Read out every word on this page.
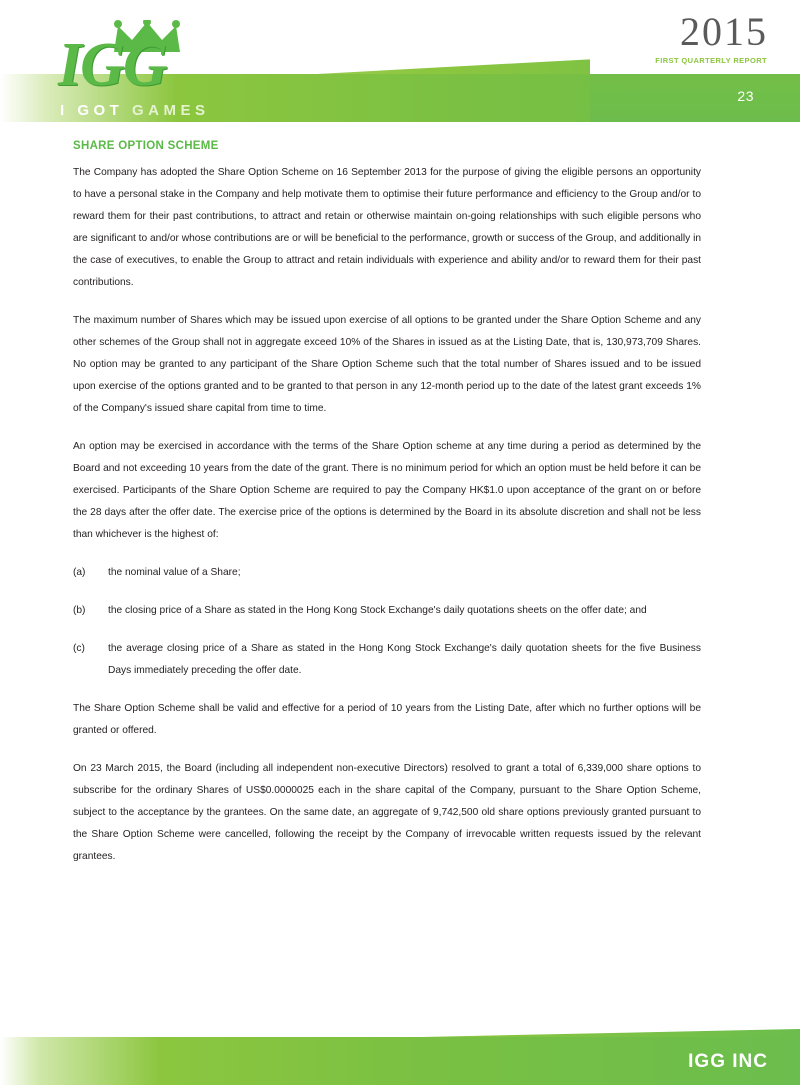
IGG
I GOT GAMES
2015
FIRST QUARTERLY REPORT
23
SHARE OPTION SCHEME

The Company has adopted the Share Option Scheme on 16 September 2013 for the purpose of giving the eligible persons an opportunity to have a personal stake in the Company and help motivate them to optimise their future performance and efficiency to the Group and/or to reward them for their past contributions, to attract and retain or otherwise maintain on-going relationships with such eligible persons who are significant to and/or whose contributions are or will be beneficial to the performance, growth or success of the Group, and additionally in the case of executives, to enable the Group to attract and retain individuals with experience and ability and/or to reward them for their past contributions.

The maximum number of Shares which may be issued upon exercise of all options to be granted under the Share Option Scheme and any other schemes of the Group shall not in aggregate exceed 10% of the Shares in issued as at the Listing Date, that is, 130,973,709 Shares. No option may be granted to any participant of the Share Option Scheme such that the total number of Shares issued and to be issued upon exercise of the options granted and to be granted to that person in any 12-month period up to the date of the latest grant exceeds 1% of the Company's issued share capital from time to time.

An option may be exercised in accordance with the terms of the Share Option scheme at any time during a period as determined by the Board and not exceeding 10 years from the date of the grant. There is no minimum period for which an option must be held before it can be exercised. Participants of the Share Option Scheme are required to pay the Company HK$1.0 upon acceptance of the grant on or before the 28 days after the offer date. The exercise price of the options is determined by the Board in its absolute discretion and shall not be less than whichever is the highest of:

(a)	the nominal value of a Share;
(b)	the closing price of a Share as stated in the Hong Kong Stock Exchange's daily quotations sheets on the offer date; and
(c)	the average closing price of a Share as stated in the Hong Kong Stock Exchange's daily quotation sheets for the five Business Days immediately preceding the offer date.

The Share Option Scheme shall be valid and effective for a period of 10 years from the Listing Date, after which no further options will be granted or offered.

On 23 March 2015, the Board (including all independent non-executive Directors) resolved to grant a total of 6,339,000 share options to subscribe for the ordinary Shares of US$0.0000025 each in the share capital of the Company, pursuant to the Share Option Scheme, subject to the acceptance by the grantees. On the same date, an aggregate of 9,742,500 old share options previously granted pursuant to the Share Option Scheme were cancelled, following the receipt by the Company of irrevocable written requests issued by the relevant grantees.

IGG INC
